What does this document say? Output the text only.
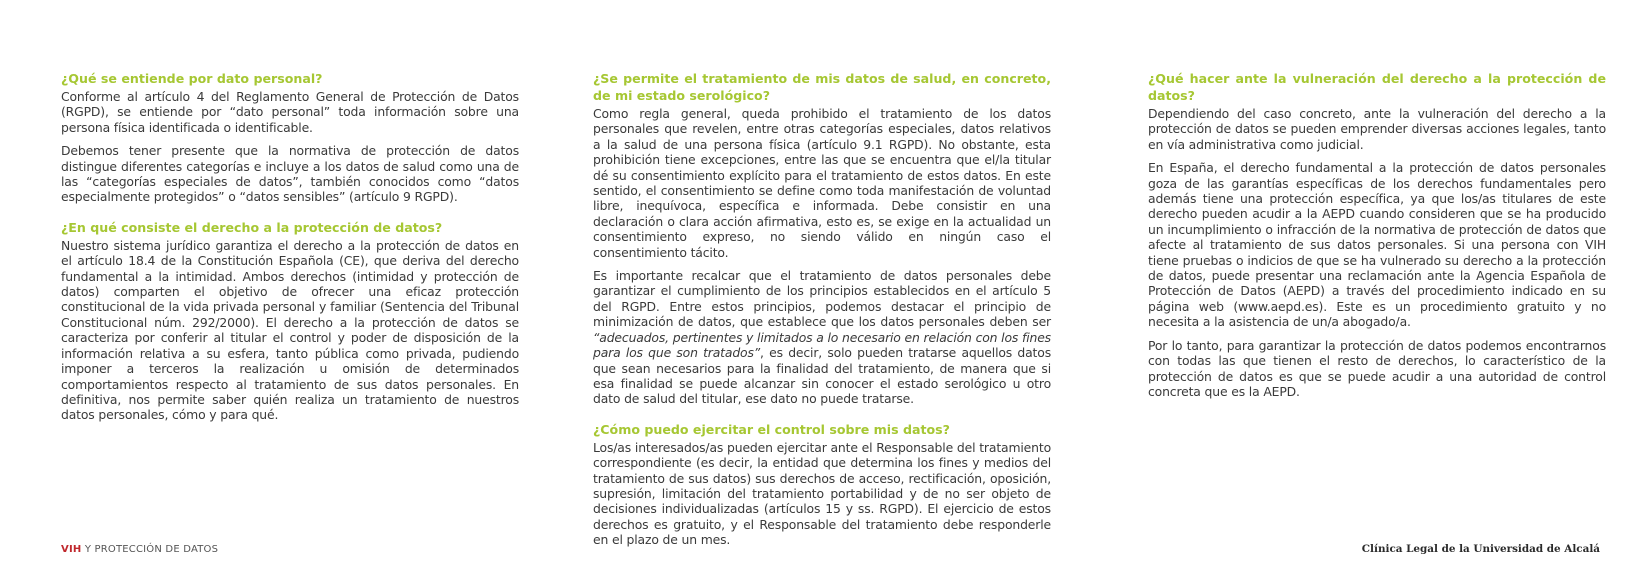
¿Qué se entiende por dato personal?

Conforme al artículo 4 del Reglamento General de Protección de Datos (RGPD), se entiende por “dato personal” toda información sobre una persona física identificada o identificable.

Debemos tener presente que la normativa de protección de datos distingue diferentes categorías e incluye a los datos de salud como una de las “categorías especiales de datos”, también conocidos como “datos especialmente protegidos” o “datos sensibles” (artículo 9 RGPD).

¿En qué consiste el derecho a la protección de datos?

Nuestro sistema jurídico garantiza el derecho a la protección de datos en el artículo 18.4 de la Constitución Española (CE), que deriva del derecho fundamental a la intimidad. Ambos derechos (intimidad y protección de datos) comparten el objetivo de ofrecer una eficaz protección constitucional de la vida privada personal y familiar (Sentencia del Tribunal Constitucional núm. 292/2000). El derecho a la protección de datos se caracteriza por conferir al titular el control y poder de disposición de la información relativa a su esfera, tanto pública como privada, pudiendo imponer a terceros la realización u omisión de determinados comportamientos respecto al tratamiento de sus datos personales. En definitiva, nos permite saber quién realiza un tratamiento de nuestros datos personales, cómo y para qué.

¿Se permite el tratamiento de mis datos de salud, en concreto, de mi estado serológico?

Como regla general, queda prohibido el tratamiento de los datos personales que revelen, entre otras categorías especiales, datos relativos a la salud de una persona física (artículo 9.1 RGPD). No obstante, esta prohibición tiene excepciones, entre las que se encuentra que el/la titular dé su consentimiento explícito para el tratamiento de estos datos. En este sentido, el consentimiento se define como toda manifestación de voluntad libre, inequívoca, específica e informada. Debe consistir en una declaración o clara acción afirmativa, esto es, se exige en la actualidad un consentimiento expreso, no siendo válido en ningún caso el consentimiento tácito.

Es importante recalcar que el tratamiento de datos personales debe garantizar el cumplimiento de los principios establecidos en el artículo 5 del RGPD. Entre estos principios, podemos destacar el principio de minimización de datos, que establece que los datos personales deben ser “adecuados, pertinentes y limitados a lo necesario en relación con los fines para los que son tratados”, es decir, solo pueden tratarse aquellos datos que sean necesarios para la finalidad del tratamiento, de manera que si esa finalidad se puede alcanzar sin conocer el estado serológico u otro dato de salud del titular, ese dato no puede tratarse.

¿Cómo puedo ejercitar el control sobre mis datos?

Los/as interesados/as pueden ejercitar ante el Responsable del tratamiento correspondiente (es decir, la entidad que determina los fines y medios del tratamiento de sus datos) sus derechos de acceso, rectificación, oposición, supresión, limitación del tratamiento portabilidad y de no ser objeto de decisiones individualizadas (artículos 15 y ss. RGPD). El ejercicio de estos derechos es gratuito, y el Responsable del tratamiento debe responderle en el plazo de un mes.

¿Qué hacer ante la vulneración del derecho a la protección de datos?

Dependiendo del caso concreto, ante la vulneración del derecho a la protección de datos se pueden emprender diversas acciones legales, tanto en vía administrativa como judicial.

En España, el derecho fundamental a la protección de datos personales goza de las garantías específicas de los derechos fundamentales pero además tiene una protección específica, ya que los/as titulares de este derecho pueden acudir a la AEPD cuando consideren que se ha producido un incumplimiento o infracción de la normativa de protección de datos que afecte al tratamiento de sus datos personales. Si una persona con VIH tiene pruebas o indicios de que se ha vulnerado su derecho a la protección de datos, puede presentar una reclamación ante la Agencia Española de Protección de Datos (AEPD) a través del procedimiento indicado en su página web (www.aepd.es). Este es un procedimiento gratuito y no necesita a la asistencia de un/a abogado/a.

Por lo tanto, para garantizar la protección de datos podemos encontrarnos con todas las que tienen el resto de derechos, lo característico de la protección de datos es que se puede acudir a una autoridad de control concreta que es la AEPD.

VIH Y PROTECCIÓN DE DATOS	Clínica Legal de la Universidad de Alcalá
